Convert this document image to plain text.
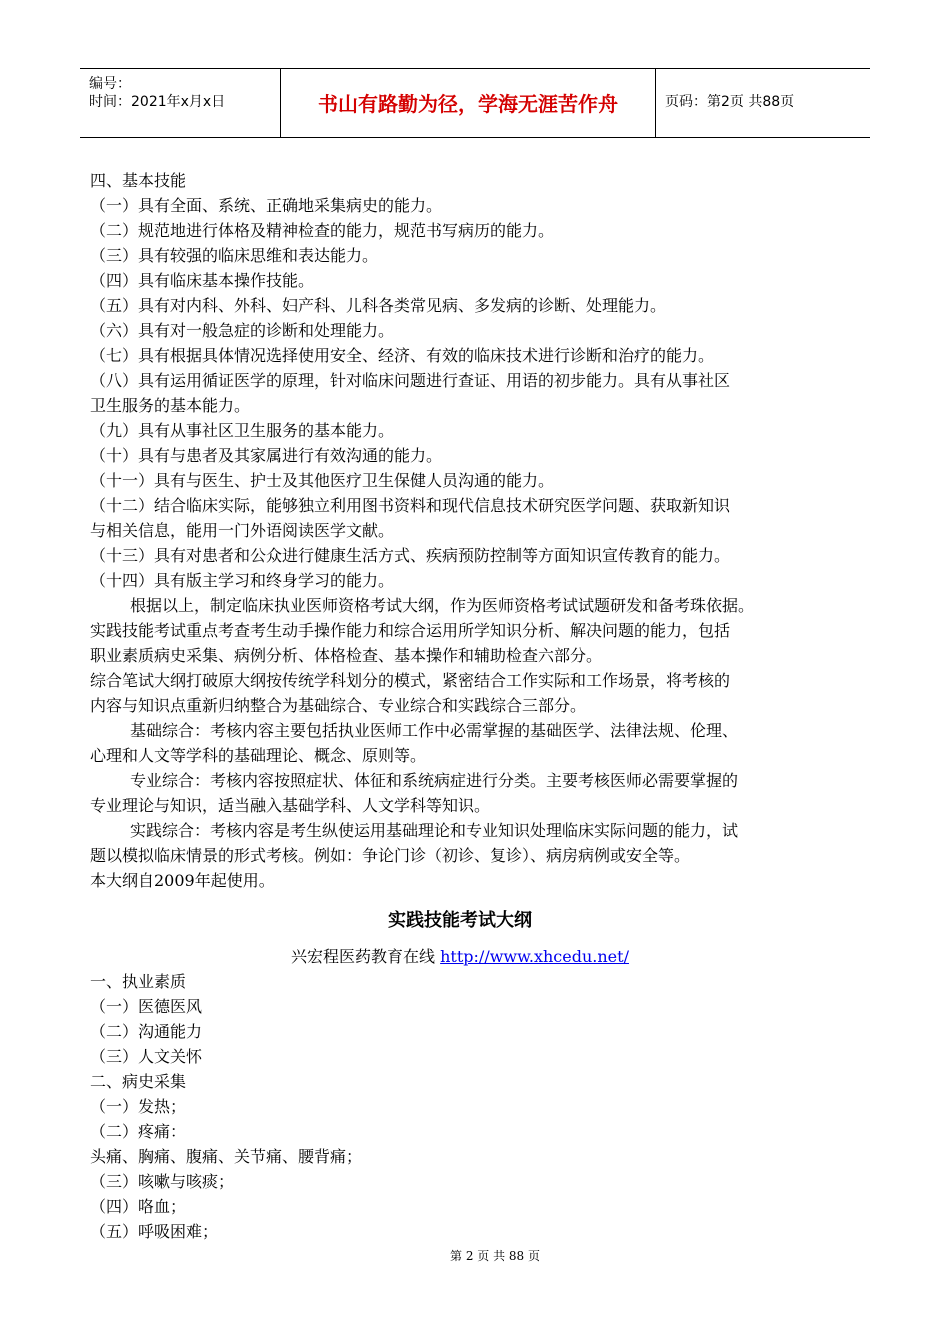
编号：
时间：2021年x月x日	书山有路勤为径，学海无涯苦作舟	页码：第2页 共88页
四、基本技能
（一）具有全面、系统、正确地采集病史的能力。
（二）规范地进行体格及精神检查的能力，规范书写病历的能力。
（三）具有较强的临床思维和表达能力。
（四）具有临床基本操作技能。
（五）具有对内科、外科、妇产科、儿科各类常见病、多发病的诊断、处理能力。
（六）具有对一般急症的诊断和处理能力。
（七）具有根据具体情况选择使用安全、经济、有效的临床技术进行诊断和治疗的能力。
（八）具有运用循证医学的原理，针对临床问题进行查证、用语的初步能力。具有从事社区
卫生服务的基本能力。
（九）具有从事社区卫生服务的基本能力。
（十）具有与患者及其家属进行有效沟通的能力。
（十一）具有与医生、护士及其他医疗卫生保健人员沟通的能力。
（十二）结合临床实际，能够独立利用图书资料和现代信息技术研究医学问题、获取新知识
与相关信息，能用一门外语阅读医学文献。
（十三）具有对患者和公众进行健康生活方式、疾病预防控制等方面知识宣传教育的能力。
（十四）具有版主学习和终身学习的能力。
根据以上，制定临床执业医师资格考试大纲，作为医师资格考试试题研发和备考珠依据。
实践技能考试重点考查考生动手操作能力和综合运用所学知识分析、解决问题的能力，包括
职业素质病史采集、病例分析、体格检查、基本操作和辅助检查六部分。
综合笔试大纲打破原大纲按传统学科划分的模式，紧密结合工作实际和工作场景，将考核的
内容与知识点重新归纳整合为基础综合、专业综合和实践综合三部分。
基础综合：考核内容主要包括执业医师工作中必需掌握的基础医学、法律法规、伦理、
心理和人文等学科的基础理论、概念、原则等。
专业综合：考核内容按照症状、体征和系统病症进行分类。主要考核医师必需要掌握的
专业理论与知识，适当融入基础学科、人文学科等知识。
实践综合：考核内容是考生纵使运用基础理论和专业知识处理临床实际问题的能力，试
题以模拟临床情景的形式考核。例如：争论门诊（初诊、复诊）、病房病例或安全等。
本大纲自2009年起使用。
实践技能考试大纲
兴宏程医药教育在线 http://www.xhcedu.net/
一、执业素质
（一）医德医风
（二）沟通能力
（三）人文关怀
二、病史采集
（一）发热；
（二）疼痛：
头痛、胸痛、腹痛、关节痛、腰背痛；
（三）咳嗽与咳痰；
（四）咯血；
（五）呼吸困难；
第 2 页 共 88 页
